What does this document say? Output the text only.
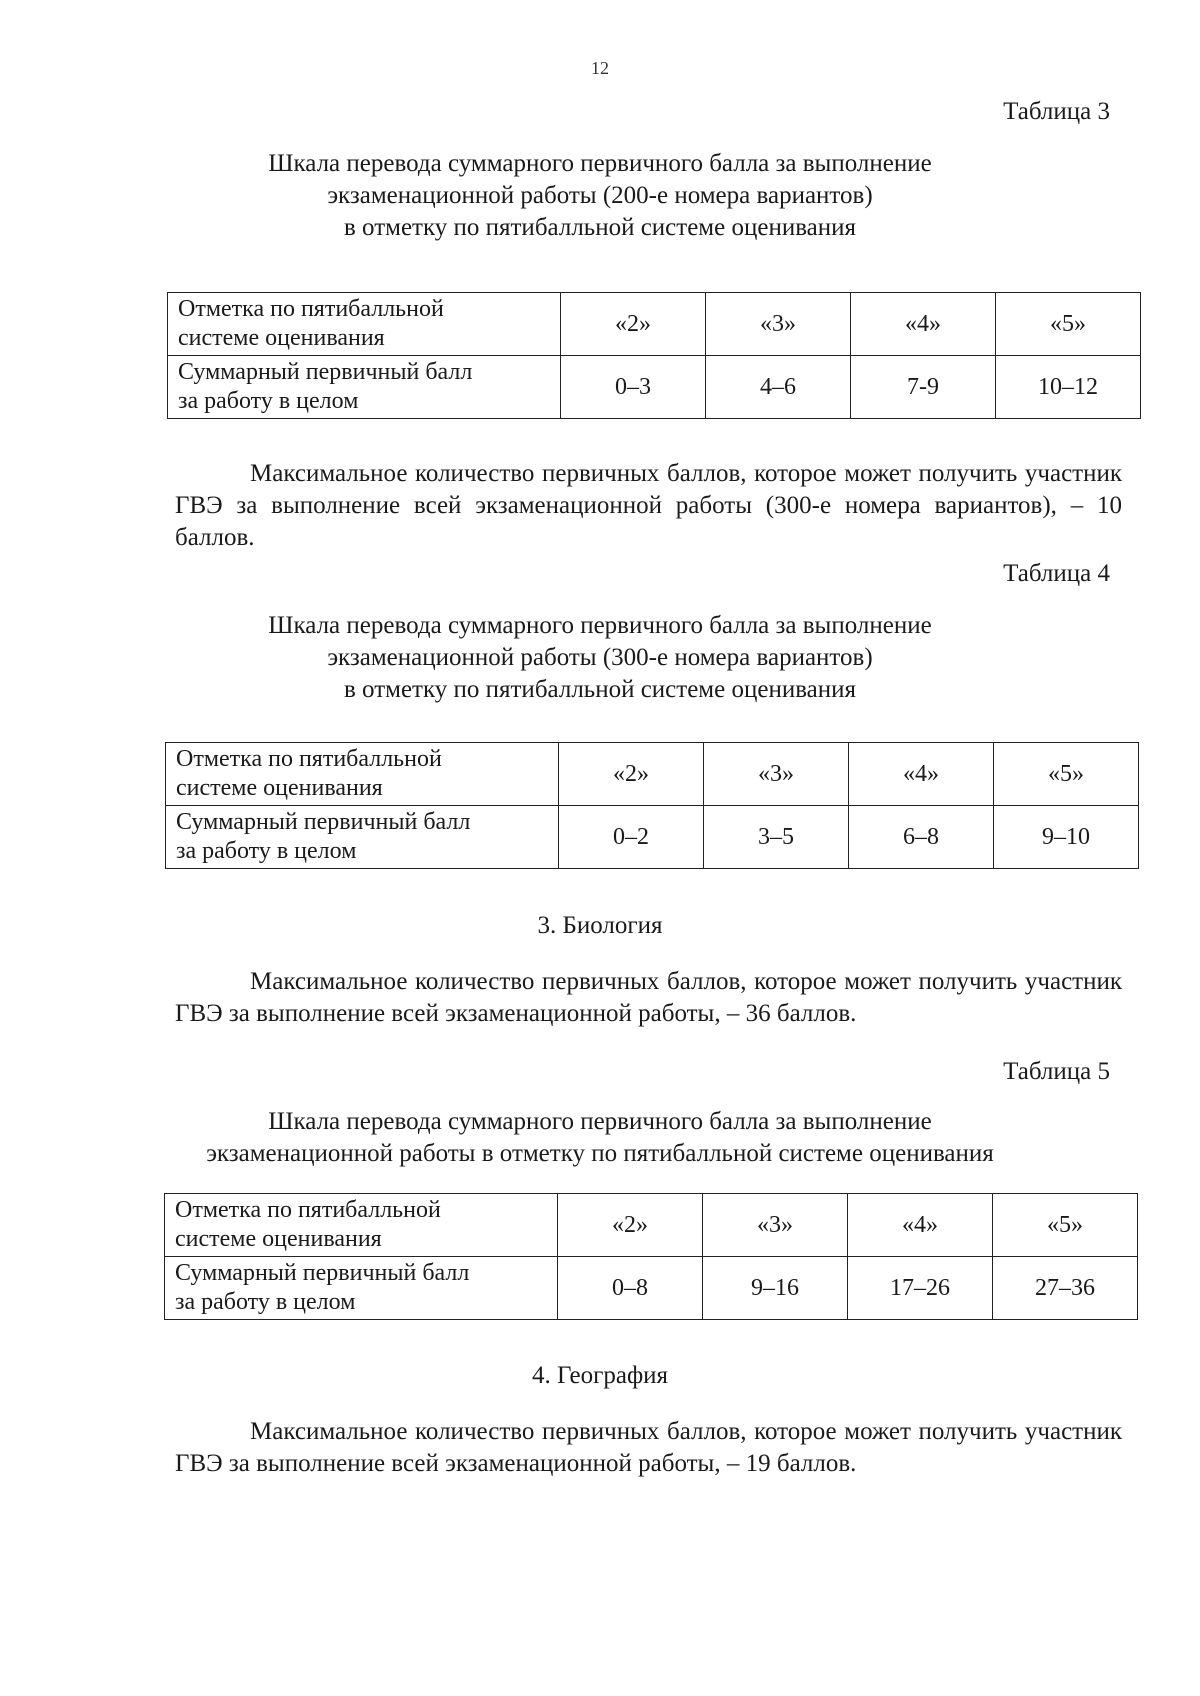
12
Таблица 3
Шкала перевода суммарного первичного балла за выполнение
экзаменационной работы (200-е номера вариантов)
в отметку по пятибалльной системе оценивания
Отметка по пятибалльной
системе оценивания	«2»	«3»	«4»	«5»

Суммарный первичный балл
за работу в целом	0–3	4–6	7-9	10–12
Максимальное количество первичных баллов, которое может получить участник ГВЭ за выполнение всей экзаменационной работы (300-е номера вариантов), – 10 баллов.
Таблица 4
Шкала перевода суммарного первичного балла за выполнение
экзаменационной работы (300-е номера вариантов)
в отметку по пятибалльной системе оценивания
Отметка по пятибалльной
системе оценивания	«2»	«3»	«4»	«5»

Суммарный первичный балл
за работу в целом	0–2	3–5	6–8	9–10
3. Биология
Максимальное количество первичных баллов, которое может получить участник ГВЭ за выполнение всей экзаменационной работы, – 36 баллов.
Таблица 5
Шкала перевода суммарного первичного балла за выполнение
экзаменационной работы в отметку по пятибалльной системе оценивания
Отметка по пятибалльной
системе оценивания	«2»	«3»	«4»	«5»

Суммарный первичный балл
за работу в целом	0–8	9–16	17–26	27–36
4. География
Максимальное количество первичных баллов, которое может получить участник ГВЭ за выполнение всей экзаменационной работы, – 19 баллов.
